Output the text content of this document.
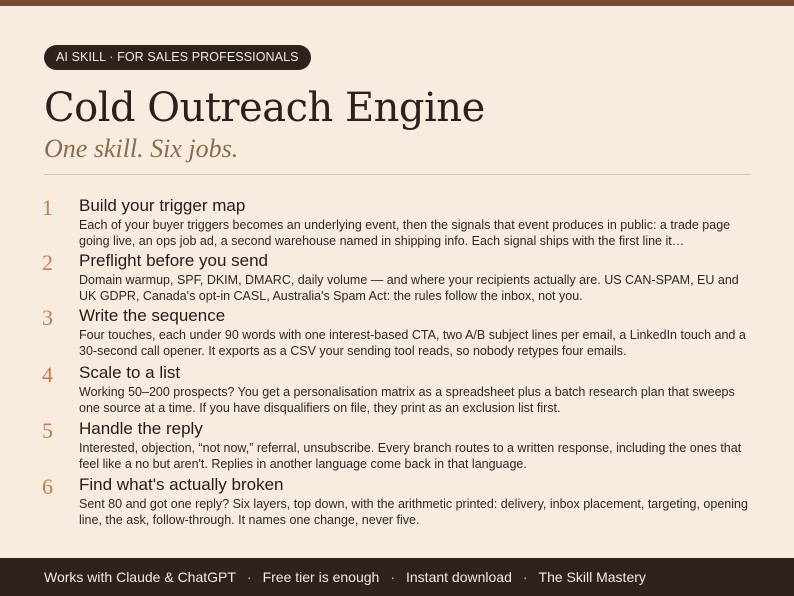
AI SKILL · FOR SALES PROFESSIONALS
Cold Outreach Engine
One skill. Six jobs.
1 Build your trigger map

Each of your buyer triggers becomes an underlying event, then the signals that event produces in public: a trade page going live, an ops job ad, a second warehouse named in shipping info. Each signal ships with the first line it…

2 Preflight before you send

Domain warmup, SPF, DKIM, DMARC, daily volume — and where your recipients actually are. US CAN-SPAM, EU and UK GDPR, Canada's opt-in CASL, Australia's Spam Act: the rules follow the inbox, not you.

3 Write the sequence

Four touches, each under 90 words with one interest-based CTA, two A/B subject lines per email, a LinkedIn touch and a 30-second call opener. It exports as a CSV your sending tool reads, so nobody retypes four emails.

4 Scale to a list

Working 50–200 prospects? You get a personalisation matrix as a spreadsheet plus a batch research plan that sweeps one source at a time. If you have disqualifiers on file, they print as an exclusion list first.

5 Handle the reply

Interested, objection, “not now,” referral, unsubscribe. Every branch routes to a written response, including the ones that feel like a no but aren't. Replies in another language come back in that language.

6 Find what's actually broken

Sent 80 and got one reply? Six layers, top down, with the arithmetic printed: delivery, inbox placement, targeting, opening line, the ask, follow-through. It names one change, never five.

Works with Claude & ChatGPT · Free tier is enough · Instant download · The Skill Mastery
